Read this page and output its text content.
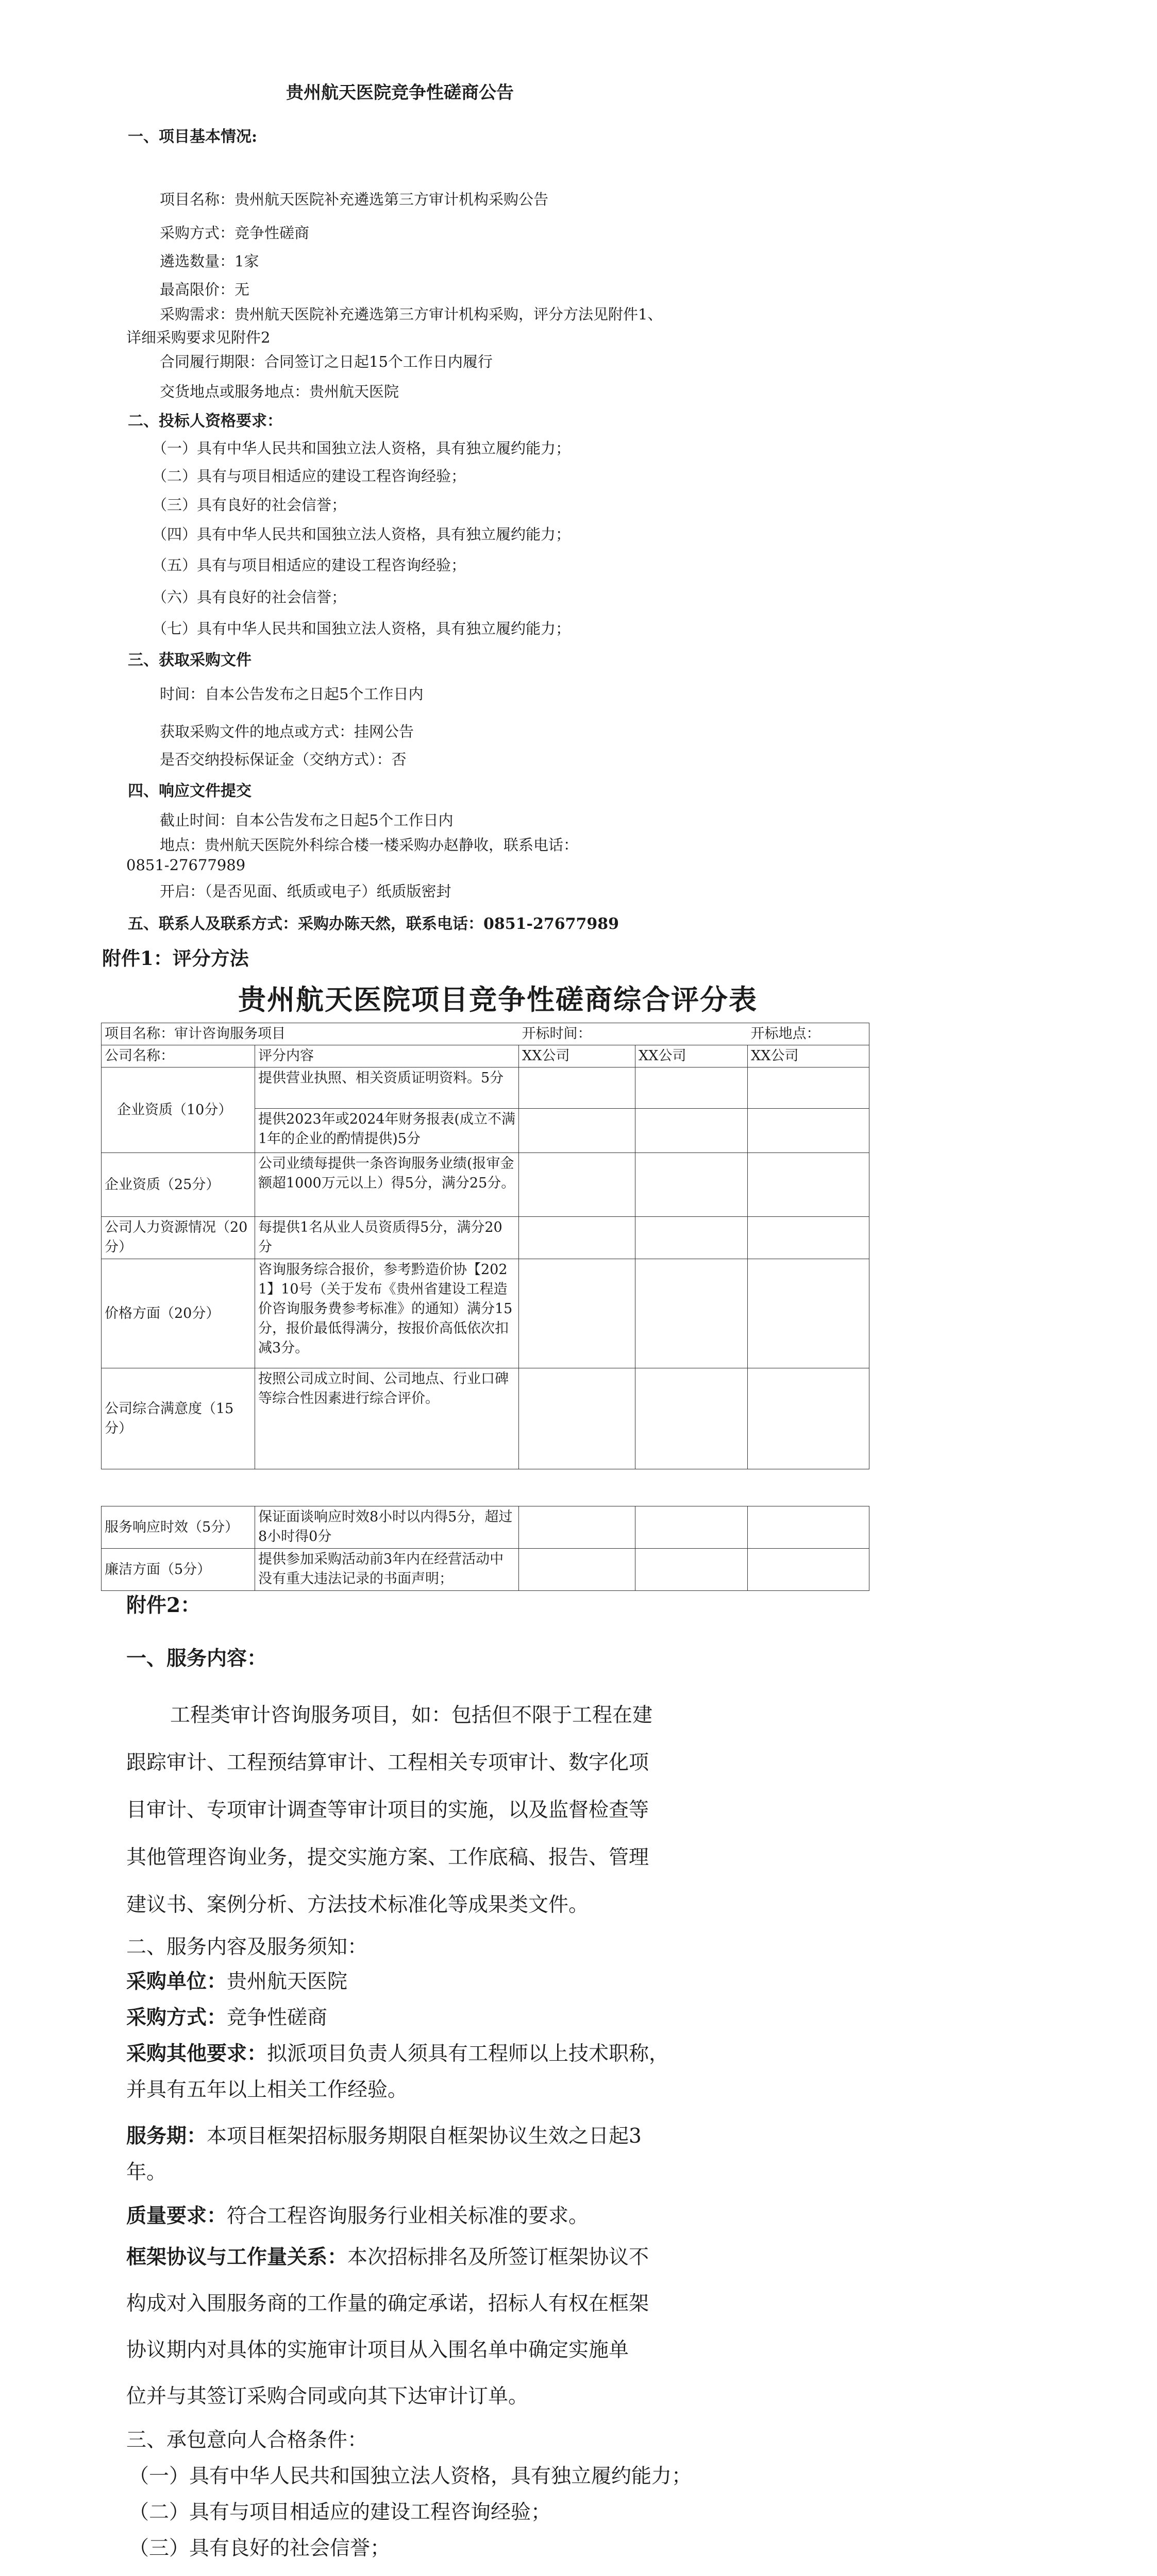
贵州航天医院竞争性磋商公告
一、项目基本情况:
项目名称：贵州航天医院补充遴选第三方审计机构采购公告
采购方式：竞争性磋商
遴选数量：1家
最高限价：无
采购需求：贵州航天医院补充遴选第三方审计机构采购，评分方法见附件1、
详细采购要求见附件2
合同履行期限：合同签订之日起15个工作日内履行
交货地点或服务地点：贵州航天医院
二、投标人资格要求：
（一）具有中华人民共和国独立法人资格，具有独立履约能力；
（二）具有与项目相适应的建设工程咨询经验；
（三）具有良好的社会信誉；
（四）具有中华人民共和国独立法人资格，具有独立履约能力；
（五）具有与项目相适应的建设工程咨询经验；
（六）具有良好的社会信誉；
（七）具有中华人民共和国独立法人资格，具有独立履约能力；
三、获取采购文件
时间：自本公告发布之日起5个工作日内
获取采购文件的地点或方式：挂网公告
是否交纳投标保证金（交纳方式）：否
四、响应文件提交
截止时间：自本公告发布之日起5个工作日内
地点：贵州航天医院外科综合楼一楼采购办赵静收，联系电话：
0851-27677989
开启：（是否见面、纸质或电子）纸质版密封
五、联系人及联系方式：采购办陈天然，联系电话：0851-27677989
附件1：评分方法
贵州航天医院项目竞争性磋商综合评分表
项目名称：审计咨询服务项目		开标时间：		开标地点：
公司名称：	评分内容	XX公司	XX公司	XX公司
企业资质（10分）	提供营业执照、相关资质证明资料。5分			
	提供2023年或2024年财务报表(成立不满1年的企业的酌情提供)5分			
企业资质（25分）	公司业绩每提供一条咨询服务业绩(报审金额超1000万元以上）得5分，满分25分。			
公司人力资源情况（20分）	每提供1名从业人员资质得5分，满分20分			
价格方面（20分）	咨询服务综合报价，参考黔造价协【2021】10号（关于发布《贵州省建设工程造价咨询服务费参考标准》的通知）满分15分，报价最低得满分，按报价高低依次扣减3分。			
公司综合满意度（15分）	按照公司成立时间、公司地点、行业口碑等综合性因素进行综合评价。			

服务响应时效（5分）	保证面谈响应时效8小时以内得5分，超过8小时得0分			
廉洁方面（5分）	提供参加采购活动前3年内在经营活动中没有重大违法记录的书面声明；			
附件2：
一、服务内容：
工程类审计咨询服务项目，如：包括但不限于工程在建
跟踪审计、工程预结算审计、工程相关专项审计、数字化项
目审计、专项审计调查等审计项目的实施，以及监督检查等
其他管理咨询业务，提交实施方案、工作底稿、报告、管理
建议书、案例分析、方法技术标准化等成果类文件。
二、服务内容及服务须知：
采购单位：贵州航天医院
采购方式：竞争性磋商
采购其他要求：拟派项目负责人须具有工程师以上技术职称，
并具有五年以上相关工作经验。
服务期：本项目框架招标服务期限自框架协议生效之日起3
年。
质量要求：符合工程咨询服务行业相关标准的要求。
框架协议与工作量关系：本次招标排名及所签订框架协议不
构成对入围服务商的工作量的确定承诺，招标人有权在框架
协议期内对具体的实施审计项目从入围名单中确定实施单
位并与其签订采购合同或向其下达审计订单。
三、承包意向人合格条件：
（一）具有中华人民共和国独立法人资格，具有独立履约能力；
（二）具有与项目相适应的建设工程咨询经验；
（三）具有良好的社会信誉；
